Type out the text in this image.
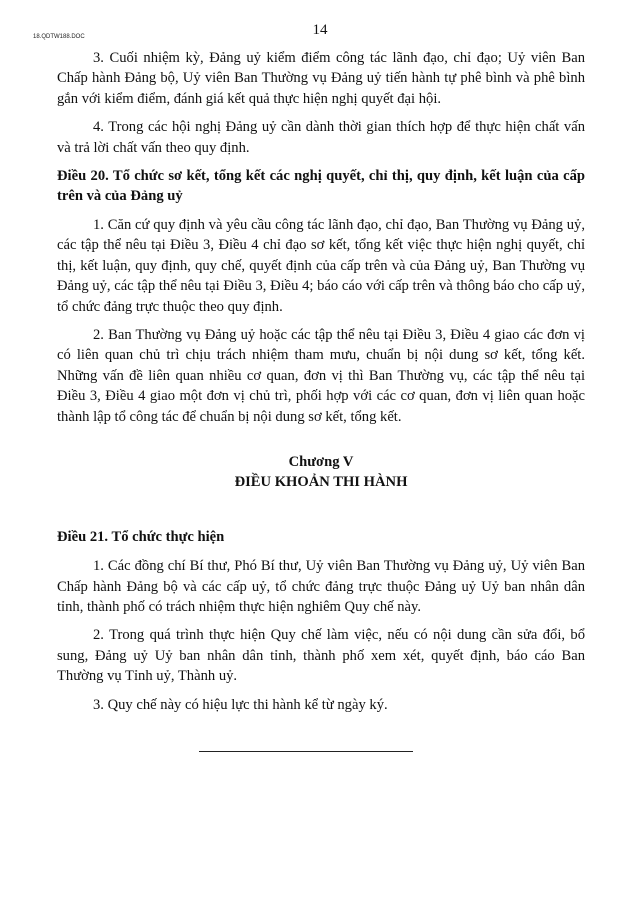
18.QDTW188.DOC	14

3. Cuối nhiệm kỳ, Đảng uỷ kiểm điểm công tác lãnh đạo, chỉ đạo; Uỷ viên Ban Chấp hành Đảng bộ, Uỷ viên Ban Thường vụ Đảng uỷ tiến hành tự phê bình và phê bình gắn với kiểm điểm, đánh giá kết quả thực hiện nghị quyết đại hội.

4. Trong các hội nghị Đảng uỷ cần dành thời gian thích hợp để thực hiện chất vấn và trả lời chất vấn theo quy định.

Điều 20. Tổ chức sơ kết, tổng kết các nghị quyết, chỉ thị, quy định, kết luận của cấp trên và của Đảng uỷ

1. Căn cứ quy định và yêu cầu công tác lãnh đạo, chỉ đạo, Ban Thường vụ Đảng uỷ, các tập thể nêu tại Điều 3, Điều 4 chỉ đạo sơ kết, tổng kết việc thực hiện nghị quyết, chỉ thị, kết luận, quy định, quy chế, quyết định của cấp trên và của Đảng uỷ, Ban Thường vụ Đảng uỷ, các tập thể nêu tại Điều 3, Điều 4; báo cáo với cấp trên và thông báo cho cấp uỷ, tổ chức đảng trực thuộc theo quy định.

2. Ban Thường vụ Đảng uỷ hoặc các tập thể nêu tại Điều 3, Điều 4 giao các đơn vị có liên quan chủ trì chịu trách nhiệm tham mưu, chuẩn bị nội dung sơ kết, tổng kết. Những vấn đề liên quan nhiều cơ quan, đơn vị thì Ban Thường vụ, các tập thể nêu tại Điều 3, Điều 4 giao một đơn vị chủ trì, phối hợp với các cơ quan, đơn vị liên quan hoặc thành lập tổ công tác để chuẩn bị nội dung sơ kết, tổng kết.

Chương V

ĐIỀU KHOẢN THI HÀNH

Điều 21. Tổ chức thực hiện

1. Các đồng chí Bí thư, Phó Bí thư, Uỷ viên Ban Thường vụ Đảng uỷ, Uỷ viên Ban Chấp hành Đảng bộ và các cấp uỷ, tổ chức đảng trực thuộc Đảng uỷ Uỷ ban nhân dân tỉnh, thành phố có trách nhiệm thực hiện nghiêm Quy chế này.

2. Trong quá trình thực hiện Quy chế làm việc, nếu có nội dung cần sửa đổi, bổ sung, Đảng uỷ Uỷ ban nhân dân tỉnh, thành phố xem xét, quyết định, báo cáo Ban Thường vụ Tỉnh uỷ, Thành uỷ.

3. Quy chế này có hiệu lực thi hành kể từ ngày ký.
